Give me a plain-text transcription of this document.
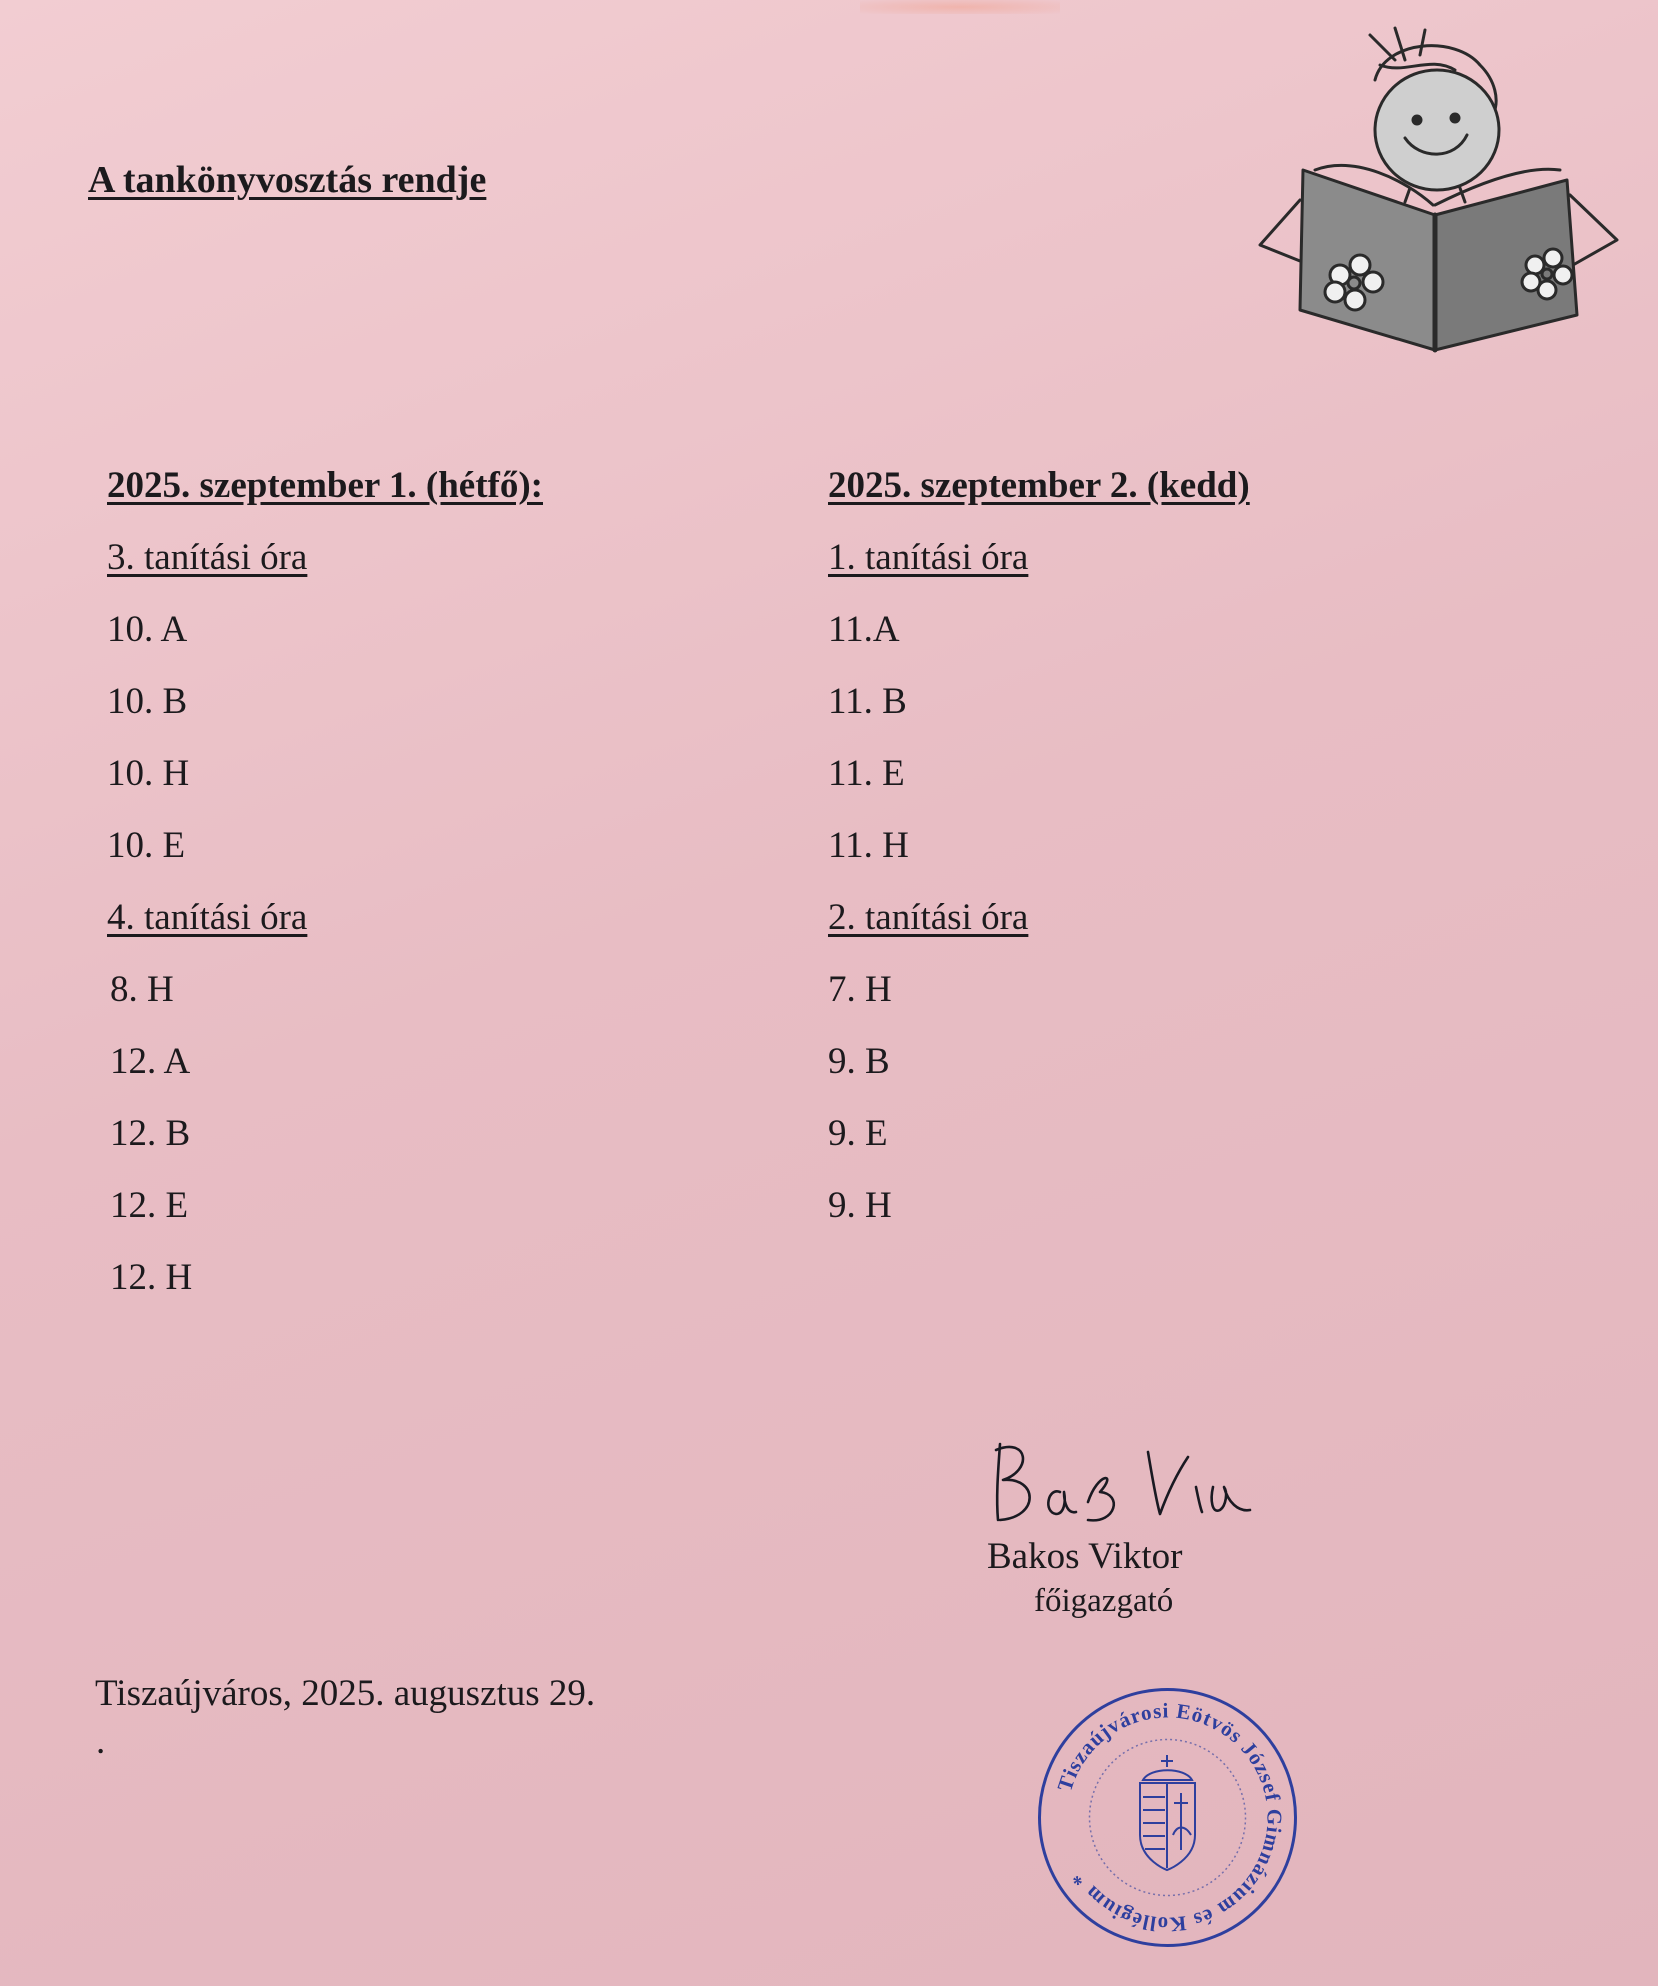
A tankönyvosztás rendje
2025. szeptember 1. (hétfő):
3. tanítási óra
10. A
10. B
10. H
10. E
4. tanítási óra
8. H
12. A
12. B
12. E
12. H
2025. szeptember 2. (kedd)
1. tanítási óra
11.A
11. B
11. E
11. H
2. tanítási óra
7. H
9. B
9. E
9. H
Bakos Viktor
főigazgató
Tiszaújváros, 2025. augusztus 29.
.
Tiszaújvárosi Eötvös József Gimnázium és Kollégium *
